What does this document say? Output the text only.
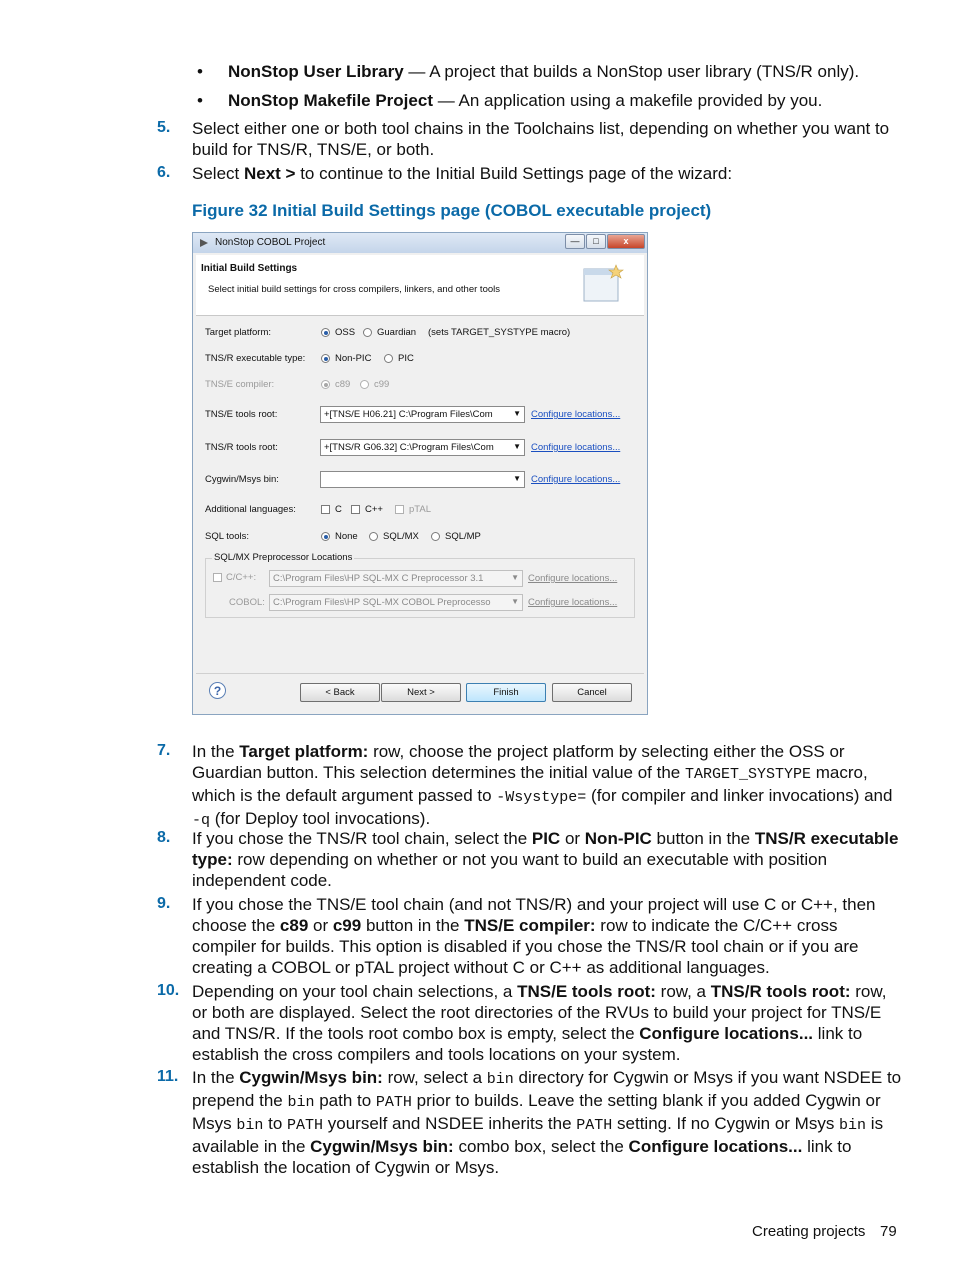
• NonStop User Library — A project that builds a NonStop user library (TNS/R only).
• NonStop Makefile Project — An application using a makefile provided by you.
5.	Select either one or both tool chains in the Toolchains list, depending on whether you want to build for TNS/R, TNS/E, or both.
6.	Select Next > to continue to the Initial Build Settings page of the wizard:
Figure 32 Initial Build Settings page (COBOL executable project)
NonStop COBOL Project	—	□	x
Initial Build Settings
Select initial build settings for cross compilers, linkers, and other tools
Target platform:	OSS Guardian (sets TARGET_SYSTYPE macro)
TNS/R executable type:	Non-PIC	PIC
TNS/E compiler:	c89 c99
TNS/E tools root:	+[TNS/E H06.21] C:\Program Files\Com	▼ Configure locations...
TNS/R tools root:	+[TNS/R G06.32] C:\Program Files\Com	▼ Configure locations...
Cygwin/Msys bin:	▼ Configure locations...
Additional languages:	C C++	pTAL
SQL tools:	None	SQL/MX	SQL/MP
SQL/MX Preprocessor Locations
C/C++: C:\Program Files\HP SQL-MX C Preprocessor 3.1	▼ Configure locations...
COBOL: C:\Program Files\HP SQL-MX COBOL Preprocesso	▼ Configure locations...
?	< Back	Next >	Finish	Cancel
7.	In the Target platform: row, choose the project platform by selecting either the OSS or Guardian button. This selection determines the initial value of the TARGET_SYSTYPE macro, which is the default argument passed to -Wsystype= (for compiler and linker invocations) and -q (for Deploy tool invocations).
8.	If you chose the TNS/R tool chain, select the PIC or Non-PIC button in the TNS/R executable type: row depending on whether or not you want to build an executable with position independent code.
9.	If you chose the TNS/E tool chain (and not TNS/R) and your project will use C or C++, then choose the c89 or c99 button in the TNS/E compiler: row to indicate the C/C++ cross compiler for builds. This option is disabled if you chose the TNS/R tool chain or if you are creating a COBOL or pTAL project without C or C++ as additional languages.
10. Depending on your tool chain selections, a TNS/E tools root: row, a TNS/R tools root: row, or both are displayed. Select the root directories of the RVUs to build your project for TNS/E and TNS/R. If the tools root combo box is empty, select the Configure locations... link to establish the cross compilers and tools locations on your system.
11. In the Cygwin/Msys bin: row, select a bin directory for Cygwin or Msys if you want NSDEE to prepend the bin path to PATH prior to builds. Leave the setting blank if you added Cygwin or Msys bin to PATH yourself and NSDEE inherits the PATH setting. If no Cygwin or Msys bin is available in the Cygwin/Msys bin: combo box, select the Configure locations... link to establish the location of Cygwin or Msys.
Creating projects 79
